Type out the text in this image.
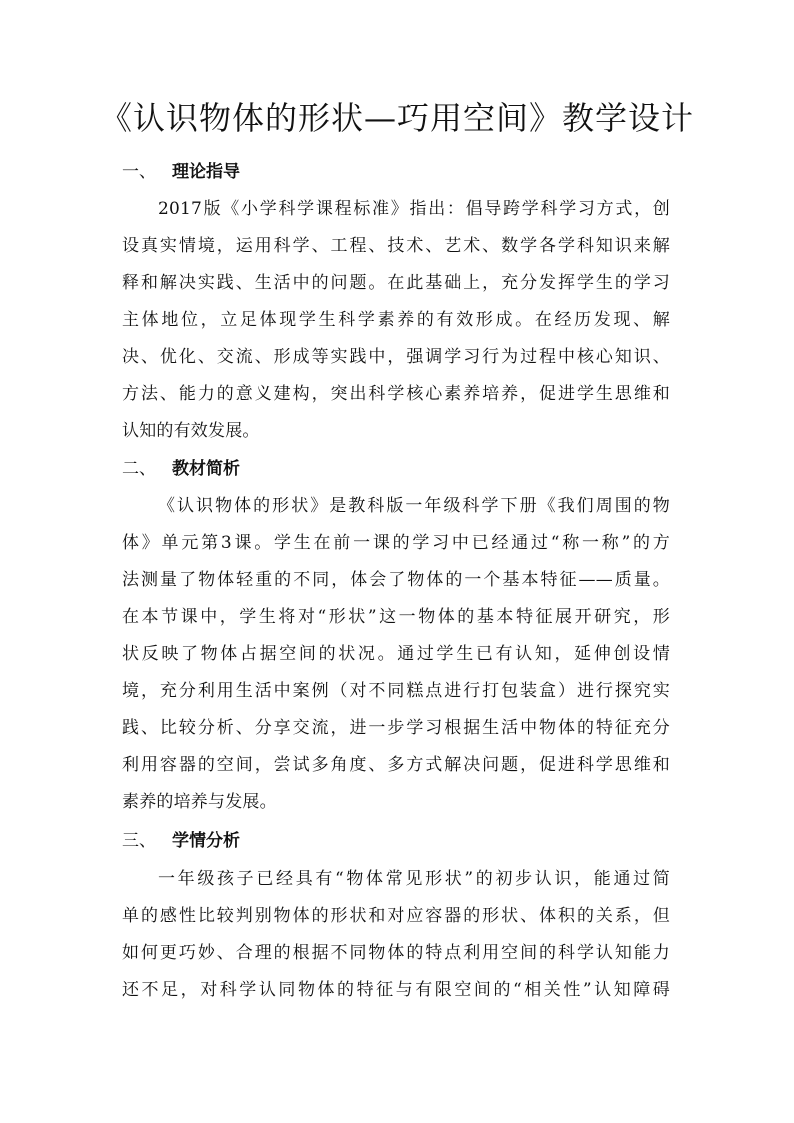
《认识物体的形状—巧用空间》教学设计
一、 理论指导
2017版《小学科学课程标准》指出：倡导跨学科学习方式，创
设真实情境，运用科学、工程、技术、艺术、数学各学科知识来解
释和解决实践、生活中的问题。在此基础上，充分发挥学生的学习
主体地位，立足体现学生科学素养的有效形成。在经历发现、解
决、优化、交流、形成等实践中，强调学习行为过程中核心知识、
方法、能力的意义建构，突出科学核心素养培养，促进学生思维和
认知的有效发展。
二、 教材简析
《认识物体的形状》是教科版一年级科学下册《我们周围的物
体》单元第3课。学生在前一课的学习中已经通过“称一称”的方
法测量了物体轻重的不同，体会了物体的一个基本特征——质量。
在本节课中，学生将对“形状”这一物体的基本特征展开研究，形
状反映了物体占据空间的状况。通过学生已有认知，延伸创设情
境，充分利用生活中案例（对不同糕点进行打包装盒）进行探究实
践、比较分析、分享交流，进一步学习根据生活中物体的特征充分
利用容器的空间，尝试多角度、多方式解决问题，促进科学思维和
素养的培养与发展。
三、 学情分析
一年级孩子已经具有“物体常见形状”的初步认识，能通过简
单的感性比较判别物体的形状和对应容器的形状、体积的关系，但
如何更巧妙、合理的根据不同物体的特点利用空间的科学认知能力
还不足，对科学认同物体的特征与有限空间的“相关性”认知障碍
